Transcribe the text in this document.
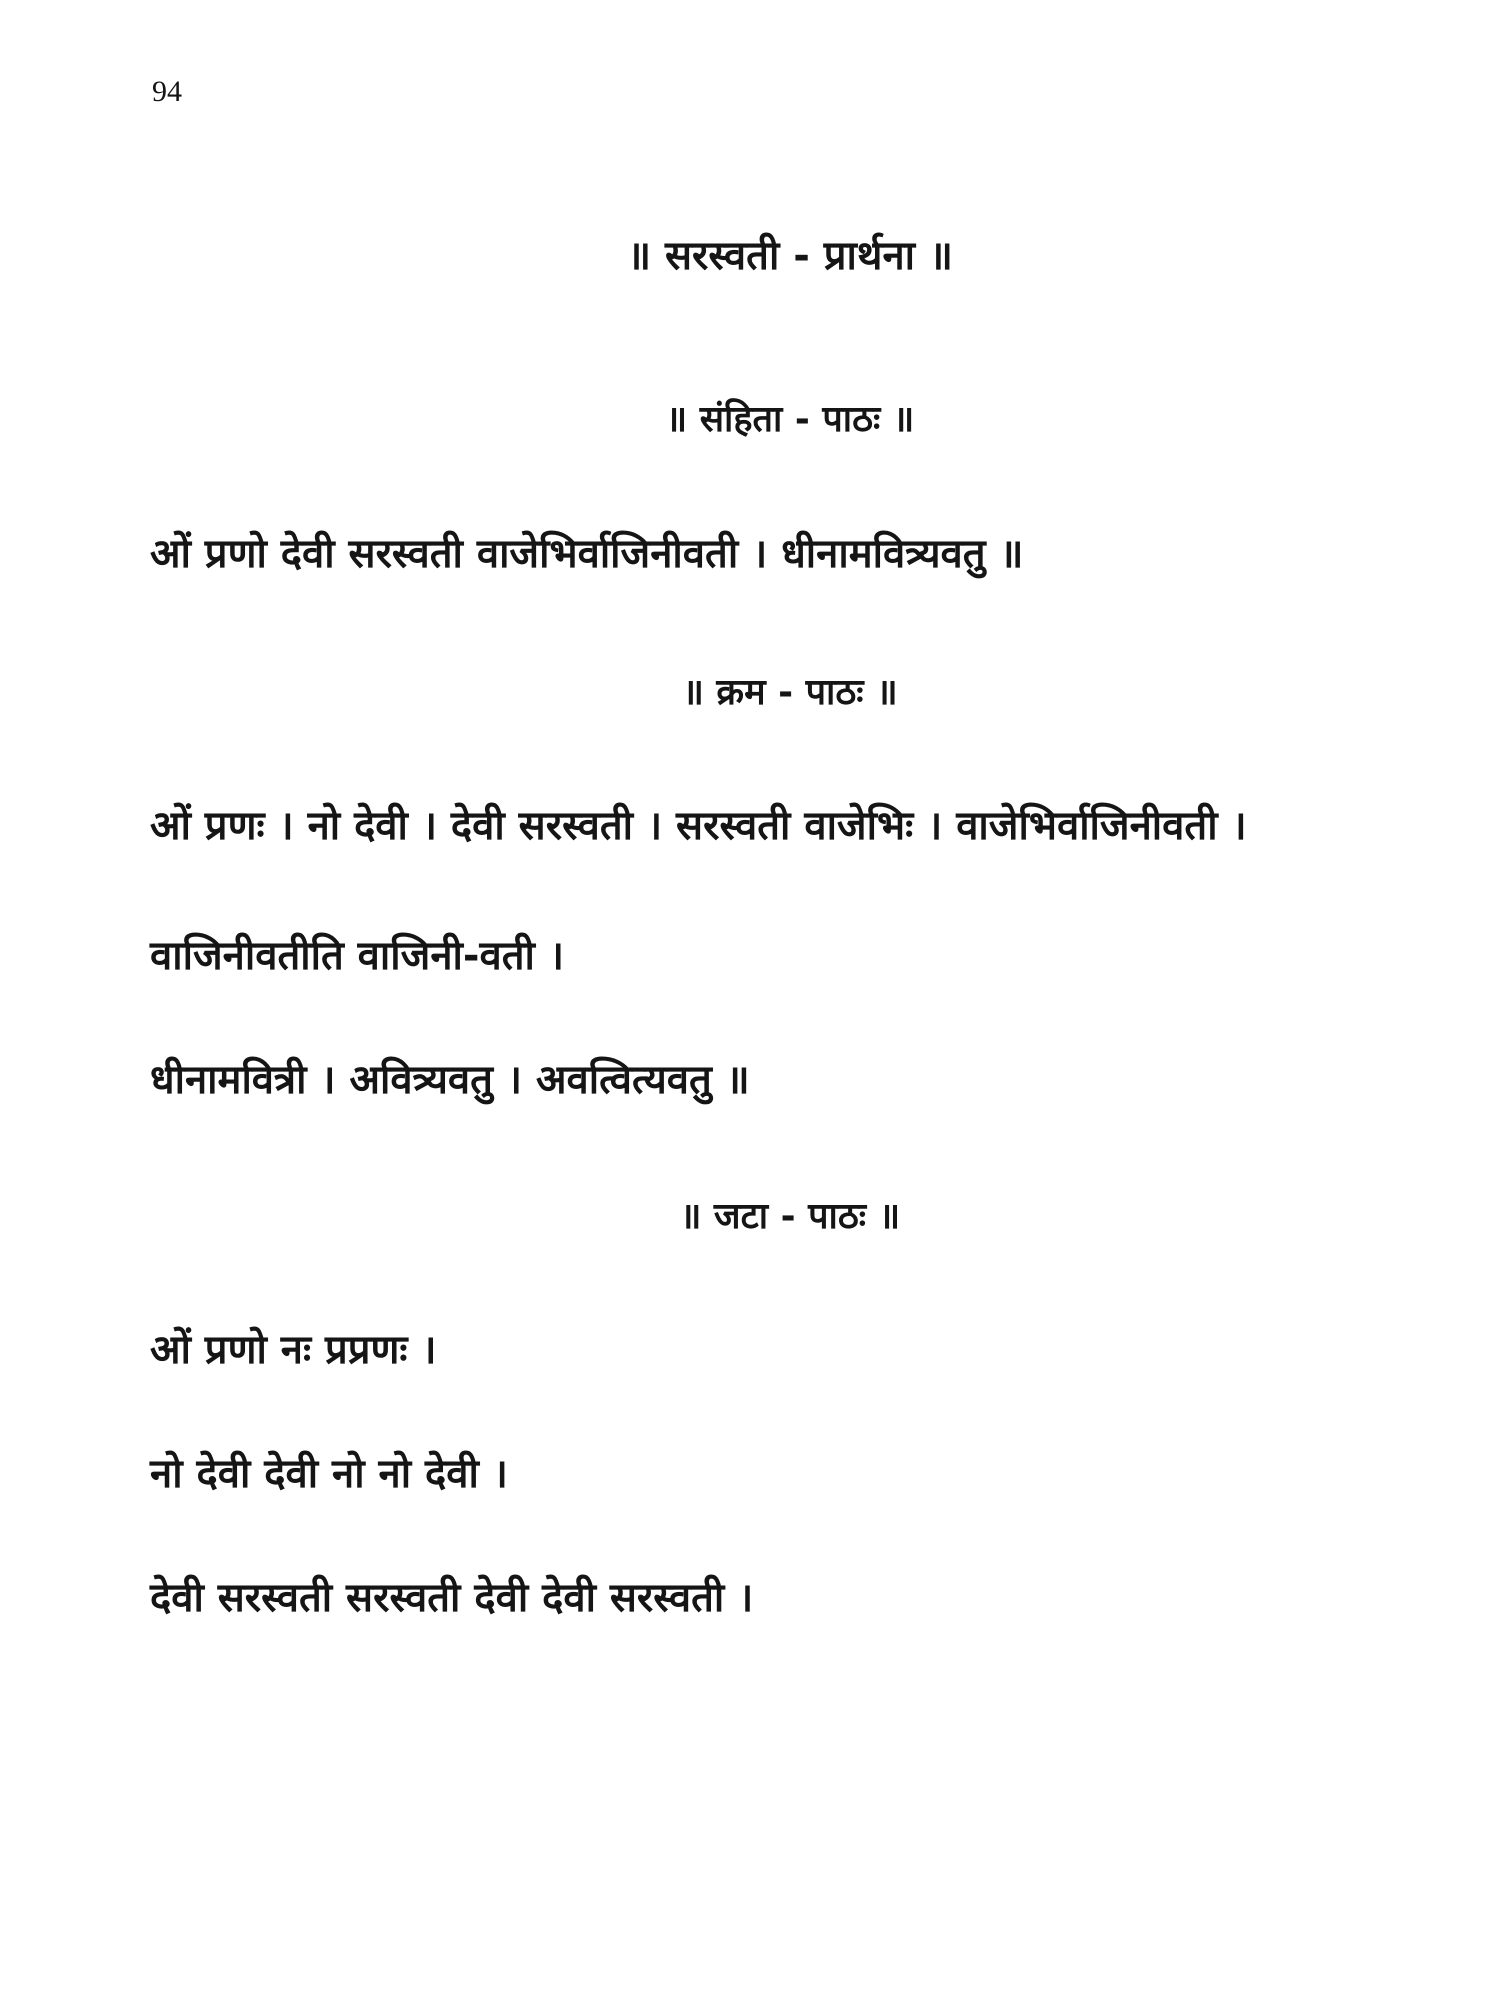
94
॥ सरस्वती - प्रार्थना ॥
॥ संहिता - पाठः ॥
ओं प्रणो देवी सरस्वती वाजेभिर्वाजिनीवती । धीनामवित्र्यवतु ॥
॥ क्रम - पाठः ॥
ओं प्रणः । नो देवी । देवी सरस्वती । सरस्वती वाजेभिः । वाजेभिर्वाजिनीवती ।
वाजिनीवतीति वाजिनी-वती ।
धीनामवित्री । अवित्र्यवतु । अवत्वित्यवतु ॥
॥ जटा - पाठः ॥
ओं प्रणो नः प्रप्रणः ।
नो देवी देवी नो नो देवी ।
देवी सरस्वती सरस्वती देवी देवी सरस्वती ।
